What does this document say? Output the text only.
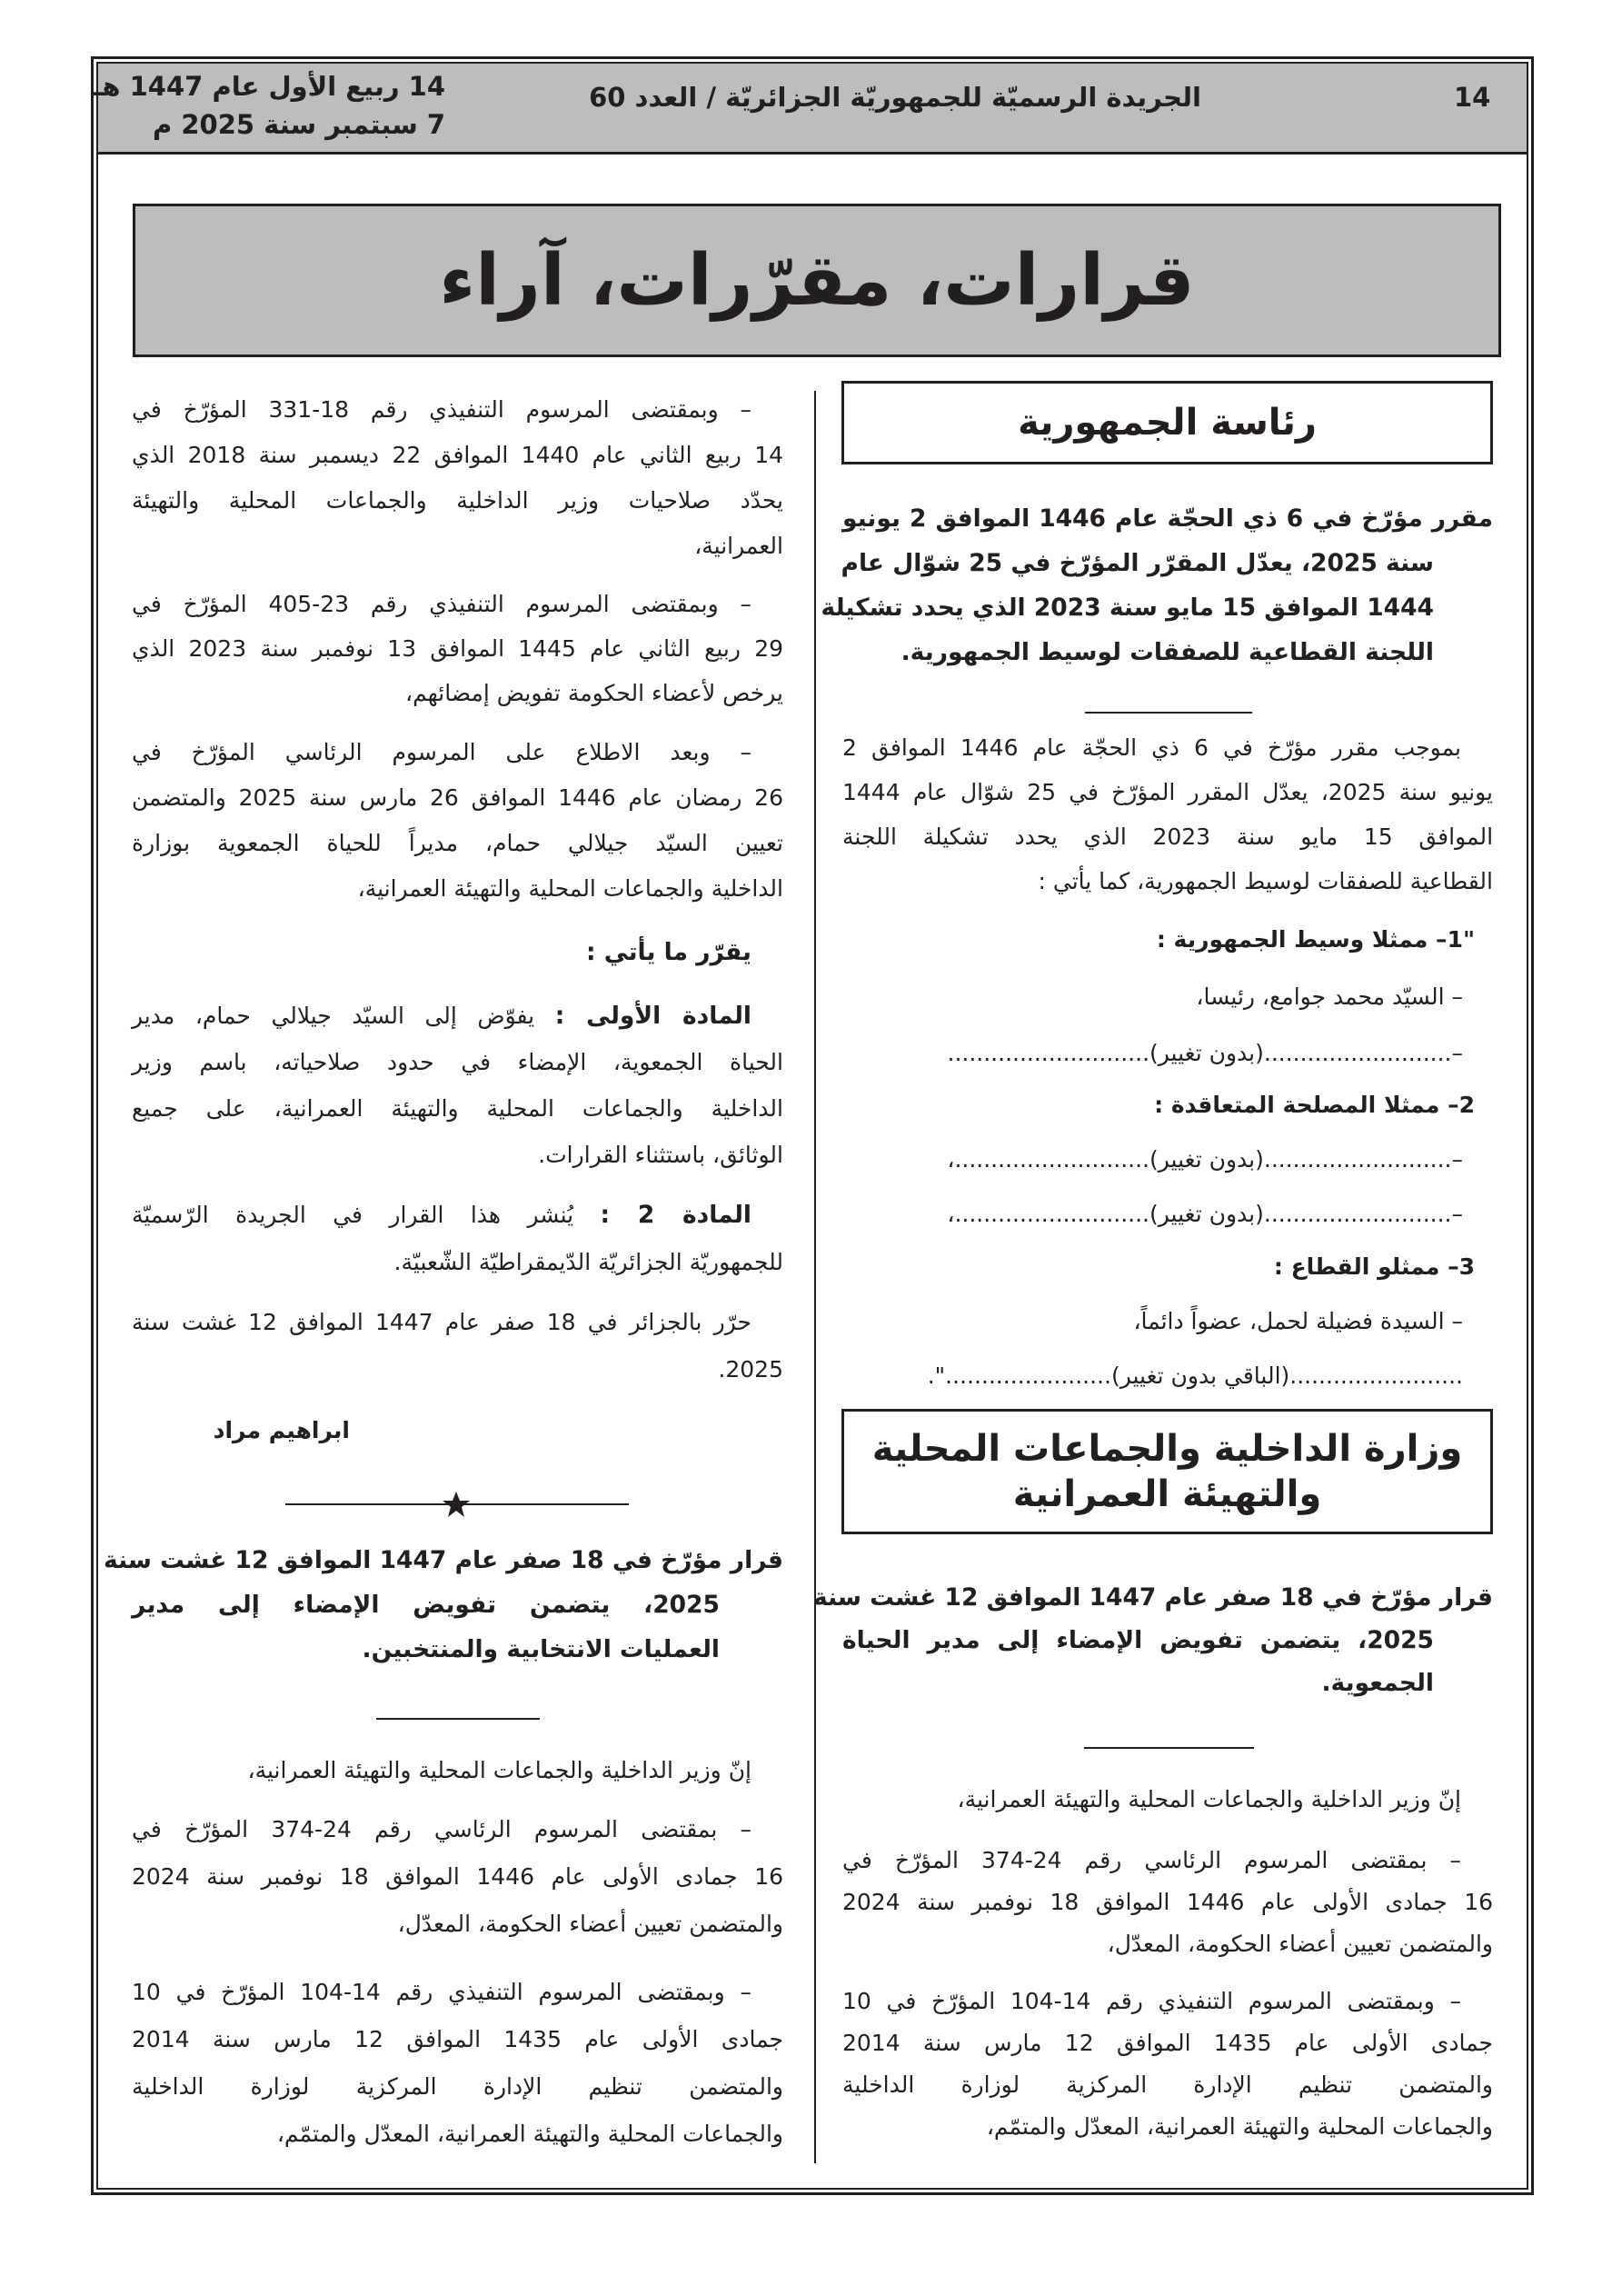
14
الجريدة الرسميّة للجمهوريّة الجزائريّة / العدد 60
14 ربيع الأول عام 1447 هـ
7 سبتمبر سنة 2025 م
قرارات، مقرّرات، آراء
رئاسة الجمهورية
مقرر مؤرّخ في 6 ذي الحجّة عام 1446 الموافق 2 يونيو
سنة 2025، يعدّل المقرّر المؤرّخ في 25 شوّال عام
1444 الموافق 15 مايو سنة 2023 الذي يحدد تشكيلة
اللجنة القطاعية للصفقات لوسيط الجمهورية.
بموجب مقرر مؤرّخ في 6 ذي الحجّة عام 1446 الموافق 2
يونيو سنة 2025، يعدّل المقرر المؤرّخ في 25 شوّال عام 1444
الموافق 15 مايو سنة 2023 الذي يحدد تشكيلة اللجنة
القطاعية للصفقات لوسيط الجمهورية، كما يأتي :
"1– ممثلا وسيط الجمهورية :
– السيّد محمد جوامع، رئيسا،
–..........................(بدون تغيير)............................
2– ممثلا المصلحة المتعاقدة :
–..........................(بدون تغيير)...........................،
–..........................(بدون تغيير)...........................،
3– ممثلو القطاع :
– السيدة فضيلة لحمل، عضواً دائماً،
........................(الباقي بدون تغيير).......................".
وزارة الداخلية والجماعات المحلية
والتهيئة العمرانية
قرار مؤرّخ في 18 صفر عام 1447 الموافق 12 غشت سنة
2025، يتضمن تفويض الإمضاء إلى مدير الحياة
الجمعوية.
إنّ وزير الداخلية والجماعات المحلية والتهيئة العمرانية،
– بمقتضى المرسوم الرئاسي رقم 24-374 المؤرّخ في
16 جمادى الأولى عام 1446 الموافق 18 نوفمبر سنة 2024
والمتضمن تعيين أعضاء الحكومة، المعدّل،
– وبمقتضى المرسوم التنفيذي رقم 14-104 المؤرّخ في 10
جمادى الأولى عام 1435 الموافق 12 مارس سنة 2014
والمتضمن تنظيم الإدارة المركزية لوزارة الداخلية
والجماعات المحلية والتهيئة العمرانية، المعدّل والمتمّم،
– وبمقتضى المرسوم التنفيذي رقم 18-331 المؤرّخ في
14 ربيع الثاني عام 1440 الموافق 22 ديسمبر سنة 2018 الذي
يحدّد صلاحيات وزير الداخلية والجماعات المحلية والتهيئة
العمرانية،
– وبمقتضى المرسوم التنفيذي رقم 23-405 المؤرّخ في
29 ربيع الثاني عام 1445 الموافق 13 نوفمبر سنة 2023 الذي
يرخص لأعضاء الحكومة تفويض إمضائهم،
– وبعد الاطلاع على المرسوم الرئاسي المؤرّخ في
26 رمضان عام 1446 الموافق 26 مارس سنة 2025 والمتضمن
تعيين السيّد جيلالي حمام، مديراً للحياة الجمعوية بوزارة
الداخلية والجماعات المحلية والتهيئة العمرانية،
يقرّر ما يأتي :
المادة الأولى : يفوّض إلى السيّد جيلالي حمام، مدير
الحياة الجمعوية، الإمضاء في حدود صلاحياته، باسم وزير
الداخلية والجماعات المحلية والتهيئة العمرانية، على جميع
الوثائق، باستثناء القرارات.
المادة 2 : يُنشر هذا القرار في الجريدة الرّسميّة
للجمهوريّة الجزائريّة الدّيمقراطيّة الشّعبيّة.
حرّر بالجزائر في 18 صفر عام 1447 الموافق 12 غشت سنة
2025.
ابراهيم مراد
قرار مؤرّخ في 18 صفر عام 1447 الموافق 12 غشت سنة
2025، يتضمن تفويض الإمضاء إلى مدير
العمليات الانتخابية والمنتخبين.
إنّ وزير الداخلية والجماعات المحلية والتهيئة العمرانية،
– بمقتضى المرسوم الرئاسي رقم 24-374 المؤرّخ في
16 جمادى الأولى عام 1446 الموافق 18 نوفمبر سنة 2024
والمتضمن تعيين أعضاء الحكومة، المعدّل،
– وبمقتضى المرسوم التنفيذي رقم 14-104 المؤرّخ في 10
جمادى الأولى عام 1435 الموافق 12 مارس سنة 2014
والمتضمن تنظيم الإدارة المركزية لوزارة الداخلية
والجماعات المحلية والتهيئة العمرانية، المعدّل والمتمّم،
